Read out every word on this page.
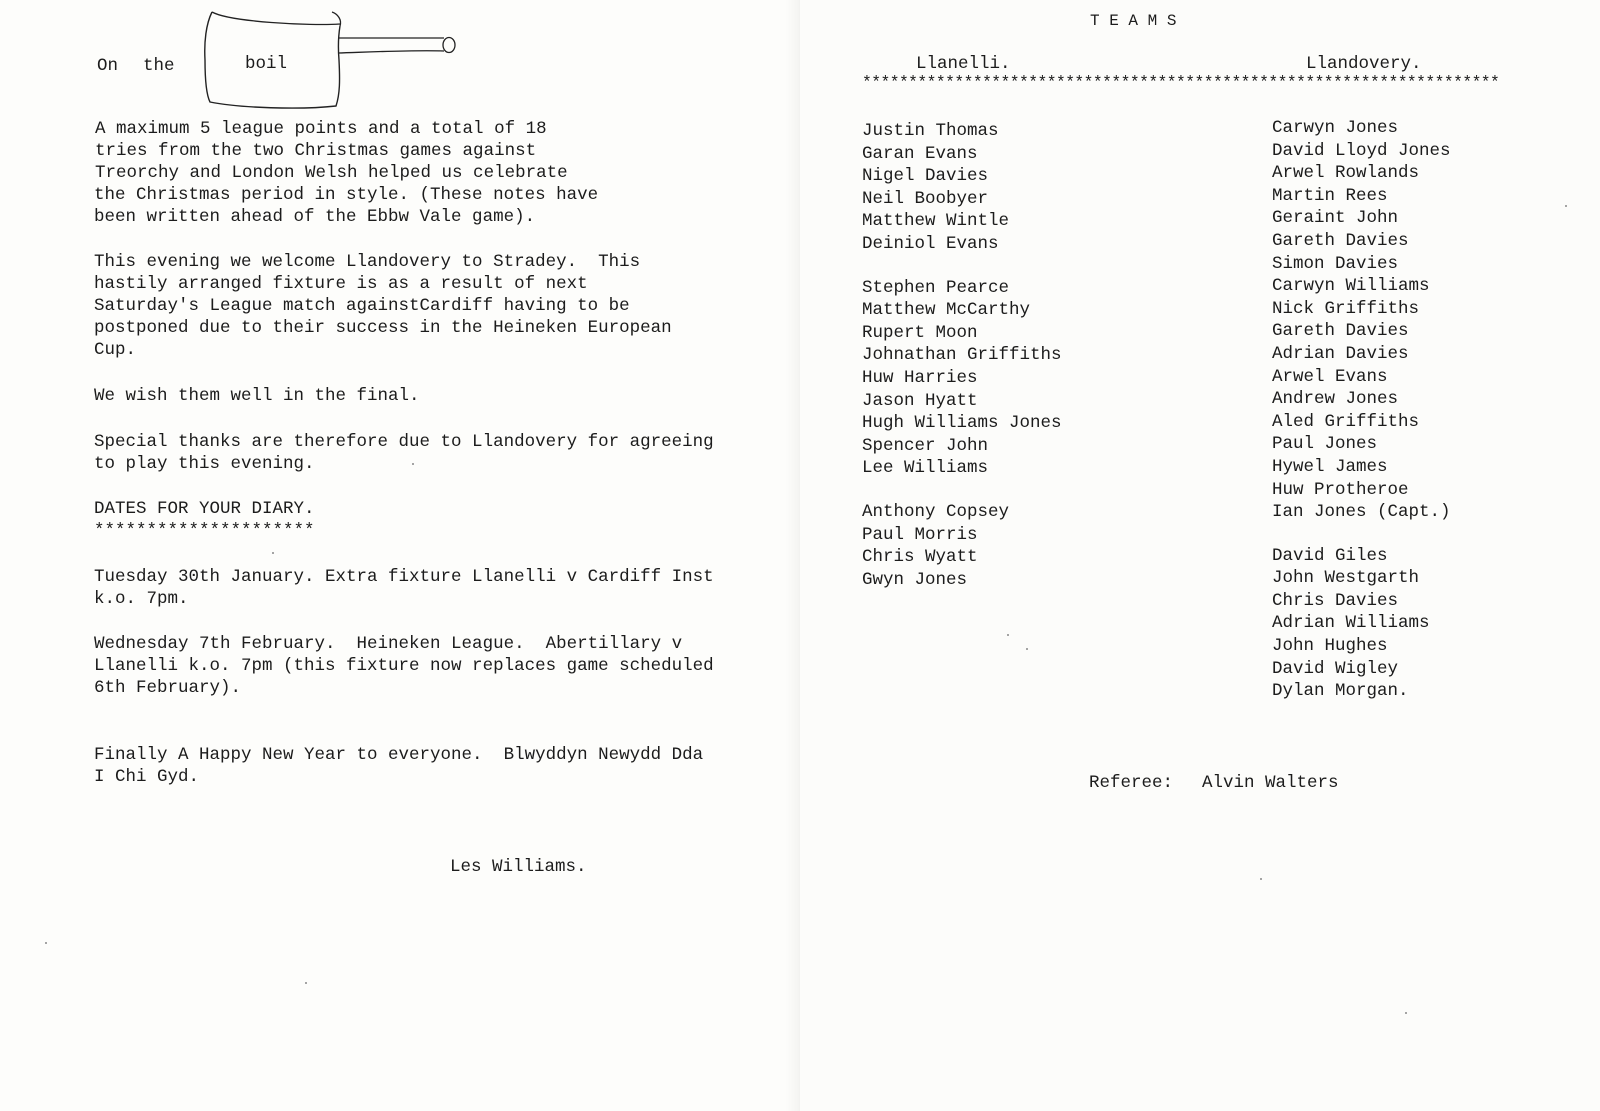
On the	boil
A maximum 5 league points and a total of 18
tries from the two Christmas games against
Treorchy and London Welsh helped us celebrate
the Christmas period in style. (These notes have
been written ahead of the Ebbw Vale game).
This evening we welcome Llandovery to Stradey.  This
hastily arranged fixture is as a result of next
Saturday's League match againstCardiff having to be
postponed due to their success in the Heineken European
Cup.
We wish them well in the final.
Special thanks are therefore due to Llandovery for agreeing
to play this evening.
DATES FOR YOUR DIARY.
*********************
Tuesday 30th January. Extra fixture Llanelli v Cardiff Inst
k.o. 7pm.
Wednesday 7th February.  Heineken League.  Abertillary v
Llanelli k.o. 7pm (this fixture now replaces game scheduled
6th February).
Finally A Happy New Year to everyone.  Blwyddyn Newydd Dda
I Chi Gyd.
Les Williams.
T E A M S
Llanelli.	Llandovery.
*********************************************************************
Justin Thomas
Garan Evans
Nigel Davies
Neil Boobyer
Matthew Wintle
Deiniol Evans
Stephen Pearce
Matthew McCarthy
Rupert Moon
Johnathan Griffiths
Huw Harries
Jason Hyatt
Hugh Williams Jones
Spencer John
Lee Williams
Anthony Copsey
Paul Morris
Chris Wyatt
Gwyn Jones
Carwyn Jones
David Lloyd Jones
Arwel Rowlands
Martin Rees
Geraint John
Gareth Davies
Simon Davies
Carwyn Williams
Nick Griffiths
Gareth Davies
Adrian Davies
Arwel Evans
Andrew Jones
Aled Griffiths
Paul Jones
Hywel James
Huw Protheroe
Ian Jones (Capt.)
David Giles
John Westgarth
Chris Davies
Adrian Williams
John Hughes
David Wigley
Dylan Morgan.
Referee: Alvin Walters
